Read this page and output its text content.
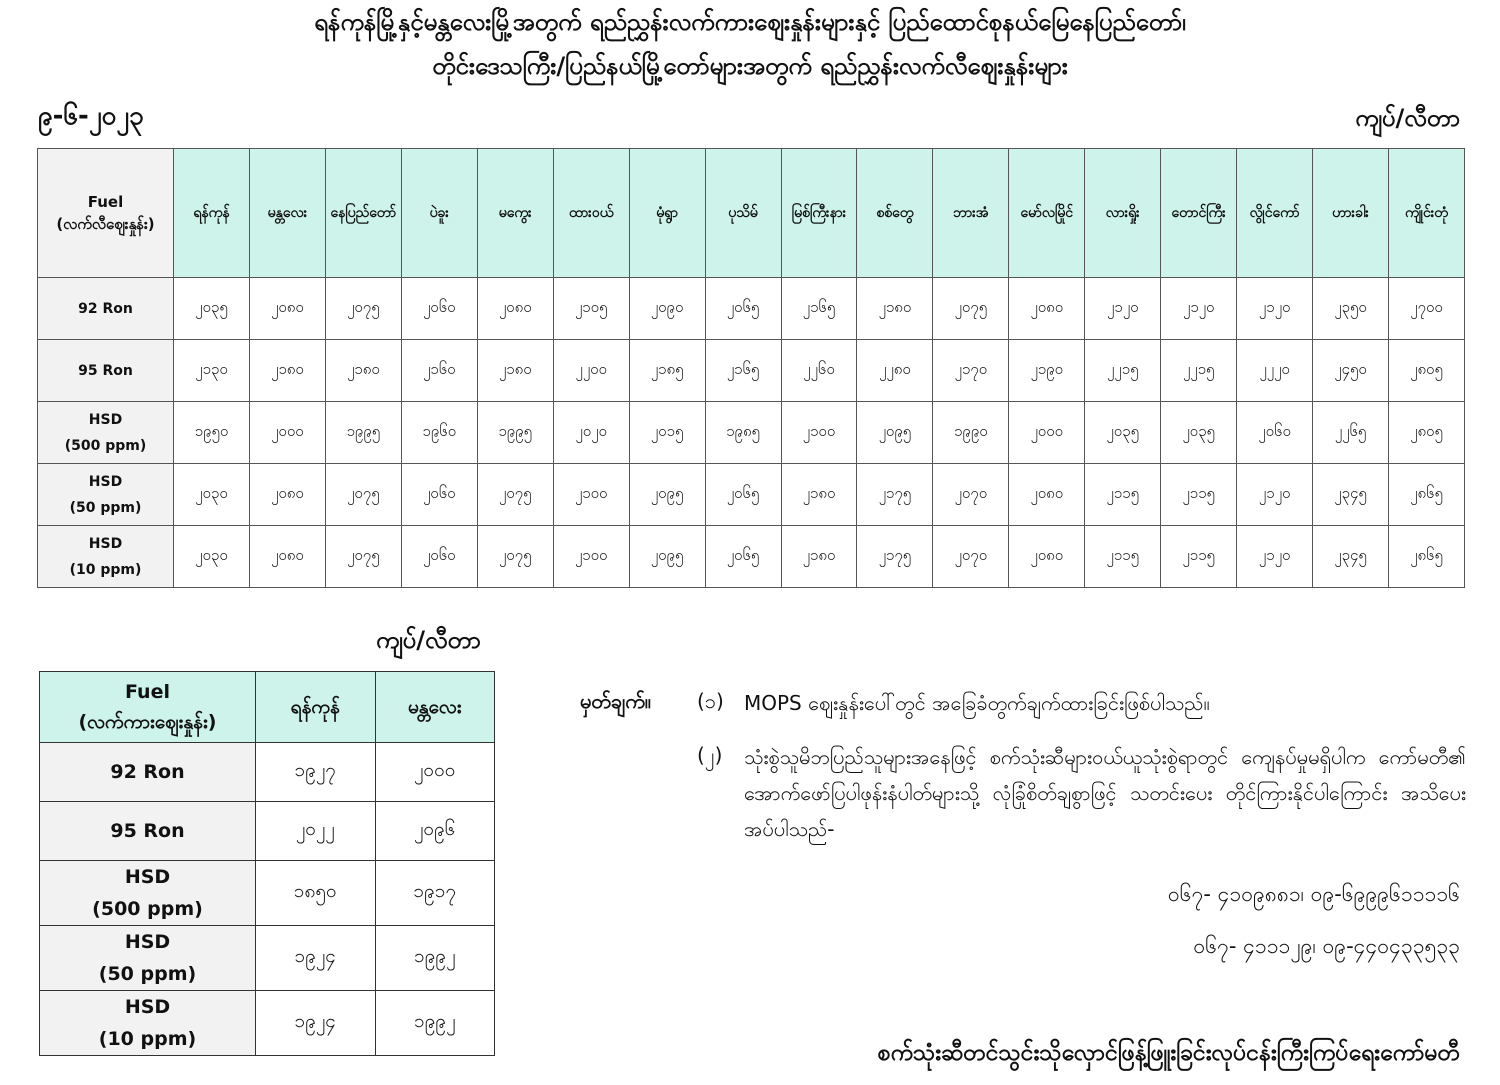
ရန်ကုန်မြို့နှင့်မန္တလေးမြို့အတွက် ရည်ညွှန်းလက်ကားဈေးနှုန်းများနှင့် ပြည်ထောင်စုနယ်မြေနေပြည်တော်၊
တိုင်းဒေသကြီး/ပြည်နယ်မြို့တော်များအတွက် ရည်ညွှန်းလက်လီဈေးနှုန်းများ
၉-၆-၂၀၂၃	ကျပ်/လီတာ
Fuel
(လက်လီဈေးနှုန်း)	ရန်ကုန်	မန္တလေး	နေပြည်တော်	ပဲခူး	မကွေး	ထားဝယ်	မုံရွာ	ပုသိမ်	မြစ်ကြီးနား	စစ်တွေ	ဘားအံ	မော်လမြိုင်	လားရှိုး	တောင်ကြီး	လွိုင်ကော်	ဟားခါး	ကျိုင်းတုံ
92 Ron	၂၀၃၅	၂၀၈၀	၂၀၇၅	၂၀၆၀	၂၀၈၀	၂၁၀၅	၂၀၉၀	၂၀၆၅	၂၁၆၅	၂၁၈၀	၂၀၇၅	၂၀၈၀	၂၁၂၀	၂၁၂၀	၂၁၂၀	၂၃၅၀	၂၇၀၀
95 Ron	၂၁၃၀	၂၁၈၀	၂၁၈၀	၂၁၆၀	၂၁၈၀	၂၂၀၀	၂၁၈၅	၂၁၆၅	၂၂၆၀	၂၂၈၀	၂၁၇၀	၂၁၉၀	၂၂၁၅	၂၂၁၅	၂၂၂၀	၂၄၅၀	၂၈၀၅
HSD
(500 ppm)	၁၉၅၀	၂၀၀၀	၁၉၉၅	၁၉၆၀	၁၉၉၅	၂၀၂၀	၂၀၁၅	၁၉၈၅	၂၁၀၀	၂၀၉၅	၁၉၉၀	၂၀၀၀	၂၀၃၅	၂၀၃၅	၂၀၆၀	၂၂၆၅	၂၈၀၅
HSD
(50 ppm)	၂၀၃၀	၂၀၈၀	၂၀၇၅	၂၀၆၀	၂၀၇၅	၂၁၀၀	၂၀၉၅	၂၀၆၅	၂၁၈၀	၂၁၇၅	၂၀၇၀	၂၀၈၀	၂၁၁၅	၂၁၁၅	၂၁၂၀	၂၃၄၅	၂၈၆၅
HSD
(10 ppm)	၂၀၃၀	၂၀၈၀	၂၀၇၅	၂၀၆၀	၂၀၇၅	၂၁၀၀	၂၀၉၅	၂၀၆၅	၂၁၈၀	၂၁၇၅	၂၀၇၀	၂၀၈၀	၂၁၁၅	၂၁၁၅	၂၁၂၀	၂၃၄၅	၂၈၆၅
ကျပ်/လီတာ
Fuel
(လက်ကားဈေးနှုန်း)	ရန်ကုန်	မန္တလေး
92 Ron	၁၉၂၇	၂၀၀၀
95 Ron	၂၀၂၂	၂၀၉၆
HSD
(500 ppm)	၁၈၅၀	၁၉၁၇
HSD
(50 ppm)	၁၉၂၄	၁၉၉၂
HSD
(10 ppm)	၁၉၂၄	၁၉၉၂
မှတ်ချက်။ (၁) MOPS ဈေးနှုန်းပေါ်တွင် အခြေခံတွက်ချက်ထားခြင်းဖြစ်ပါသည်။
(၂) သုံးစွဲသူမိဘပြည်သူများအနေဖြင့် စက်သုံးဆီများဝယ်ယူသုံးစွဲရာတွင် ကျေနပ်မှုမရှိပါက ကော်မတီ၏ အောက်ဖော်ပြပါဖုန်းနံပါတ်များသို့ လုံခြုံစိတ်ချစွာဖြင့် သတင်းပေး တိုင်ကြားနိုင်ပါကြောင်း အသိပေးအပ်ပါသည်-
၀၆၇- ၄၁၀၉၈၈၁၊ ၀၉-၆၉၉၉၆၁၁၁၁၆
၀၆၇- ၄၁၁၁၂၉၊ ၀၉-၄၄၀၄၃၃၅၃၃
စက်သုံးဆီတင်သွင်းသိုလှောင်ဖြန့်ဖြူးခြင်းလုပ်ငန်းကြီးကြပ်ရေးကော်မတီ
